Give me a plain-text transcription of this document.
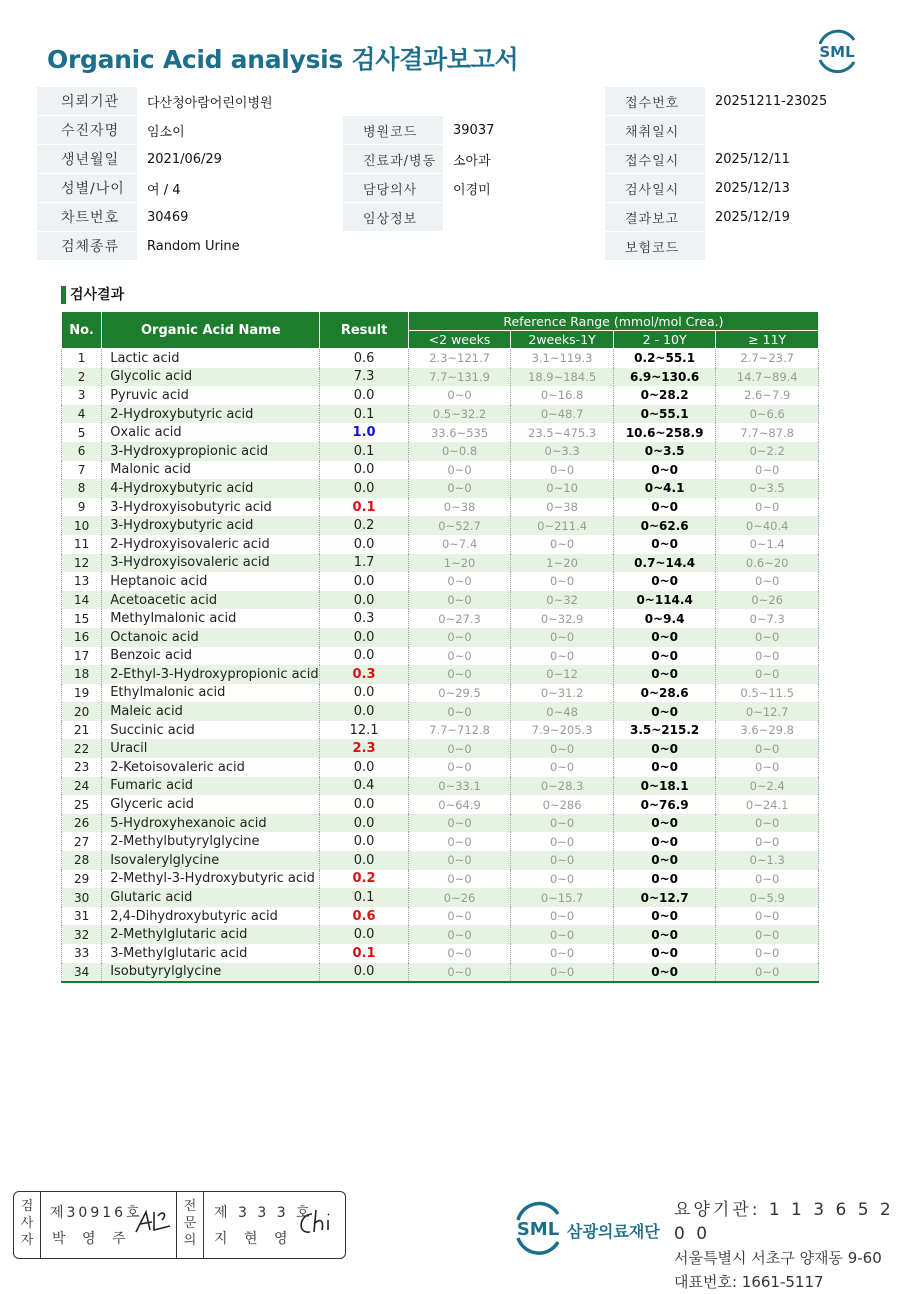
Organic Acid analysis 검사결과보고서	SML
의뢰기관	다산청아람어린이병원			접수번호	20251211-23025
수진자명	임소이	병원코드	39037	채취일시	
생년월일	2021/06/29	진료과/병동	소아과	접수일시	2025/12/11
성별/나이	여 / 4	담당의사	이경미	검사일시	2025/12/13
차트번호	30469	임상정보		결과보고	2025/12/19
검체종류	Random Urine			보험코드	
검사결과
No.	Organic Acid Name	Result	Reference Range (mmol/mol Crea.)			
			<2 weeks	2weeks-1Y	2 - 10Y	≥ 11Y
1	Lactic acid	0.6	2.3~121.7	3.1~119.3	0.2~55.1	2.7~23.7
2	Glycolic acid	7.3	7.7~131.9	18.9~184.5	6.9~130.6	14.7~89.4
3	Pyruvic acid	0.0	0~0	0~16.8	0~28.2	2.6~7.9
4	2-Hydroxybutyric acid	0.1	0.5~32.2	0~48.7	0~55.1	0~6.6
5	Oxalic acid	1.0	33.6~535	23.5~475.3	10.6~258.9	7.7~87.8
6	3-Hydroxypropionic acid	0.1	0~0.8	0~3.3	0~3.5	0~2.2
7	Malonic acid	0.0	0~0	0~0	0~0	0~0
8	4-Hydroxybutyric acid	0.0	0~0	0~10	0~4.1	0~3.5
9	3-Hydroxyisobutyric acid	0.1	0~38	0~38	0~0	0~0
10	3-Hydroxybutyric acid	0.2	0~52.7	0~211.4	0~62.6	0~40.4
11	2-Hydroxyisovaleric acid	0.0	0~7.4	0~0	0~0	0~1.4
12	3-Hydroxyisovaleric acid	1.7	1~20	1~20	0.7~14.4	0.6~20
13	Heptanoic acid	0.0	0~0	0~0	0~0	0~0
14	Acetoacetic acid	0.0	0~0	0~32	0~114.4	0~26
15	Methylmalonic acid	0.3	0~27.3	0~32.9	0~9.4	0~7.3
16	Octanoic acid	0.0	0~0	0~0	0~0	0~0
17	Benzoic acid	0.0	0~0	0~0	0~0	0~0
18	2-Ethyl-3-Hydroxypropionic acid	0.3	0~0	0~12	0~0	0~0
19	Ethylmalonic acid	0.0	0~29.5	0~31.2	0~28.6	0.5~11.5
20	Maleic acid	0.0	0~0	0~48	0~0	0~12.7
21	Succinic acid	12.1	7.7~712.8	7.9~205.3	3.5~215.2	3.6~29.8
22	Uracil	2.3	0~0	0~0	0~0	0~0
23	2-Ketoisovaleric acid	0.0	0~0	0~0	0~0	0~0
24	Fumaric acid	0.4	0~33.1	0~28.3	0~18.1	0~2.4
25	Glyceric acid	0.0	0~64.9	0~286	0~76.9	0~24.1
26	5-Hydroxyhexanoic acid	0.0	0~0	0~0	0~0	0~0
27	2-Methylbutyrylglycine	0.0	0~0	0~0	0~0	0~0
28	Isovalerylglycine	0.0	0~0	0~0	0~0	0~1.3
29	2-Methyl-3-Hydroxybutyric acid	0.2	0~0	0~0	0~0	0~0
30	Glutaric acid	0.1	0~26	0~15.7	0~12.7	0~5.9
31	2,4-Dihydroxybutyric acid	0.6	0~0	0~0	0~0	0~0
32	2-Methylglutaric acid	0.0	0~0	0~0	0~0	0~0
33	3-Methylglutaric acid	0.1	0~0	0~0	0~0	0~0
34	Isobutyrylglycine	0.0	0~0	0~0	0~0	0~0
검
사
자
제30916호
박 영 주
전
문
의
제 3 3 3 호
지 현 영	SML 삼광의료재단
요양기관: 1 1 3 6 5 2 0 0
서울특별시 서초구 양재동 9-60
대표번호: 1661-5117
